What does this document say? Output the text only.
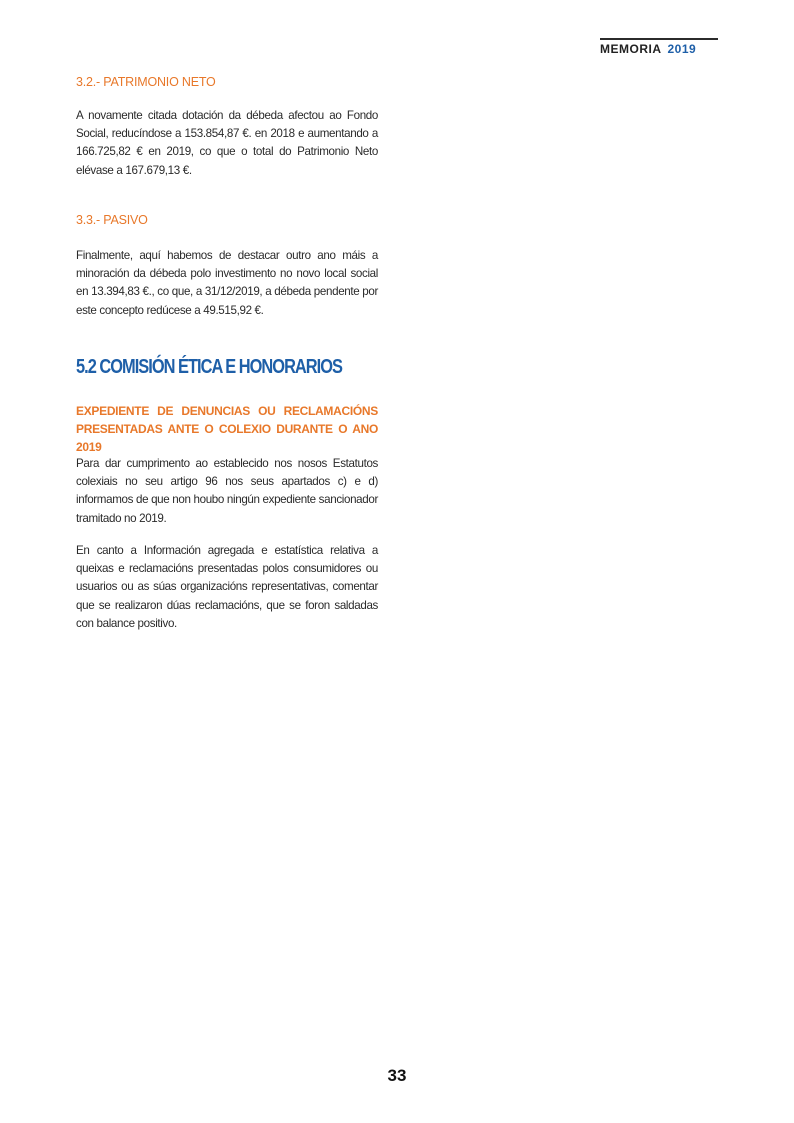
MEMORIA 2019
3.2.- PATRIMONIO NETO

A novamente citada dotación da débeda afectou ao Fondo Social, reducíndose a 153.854,87 €. en 2018 e aumentando a 166.725,82 € en 2019, co que o total do Patrimonio Neto elévase a 167.679,13 €.

3.3.- PASIVO

Finalmente, aquí habemos de destacar outro ano máis a minoración da débeda polo investimento no novo local social en 13.394,83 €., co que, a 31/12/2019, a débeda pendente por este concepto redúcese a 49.515,92 €.

5.2 COMISIÓN ÉTICA E HONORARIOS
EXPEDIENTE DE DENUNCIAS OU RECLAMACIÓNS PRESENTADAS ANTE O COLEXIO DURANTE O ANO 2019

Para dar cumprimento ao establecido nos nosos Estatutos colexiais no seu artigo 96 nos seus apartados c) e d) informamos de que non houbo ningún expediente sancionador tramitado no 2019.

En canto a Información agregada e estatística relativa a queixas e reclamacións presentadas polos consumidores ou usuarios ou as súas organizacións representativas, comentar que se realizaron dúas reclamacións, que se foron saldadas con balance positivo.

33
